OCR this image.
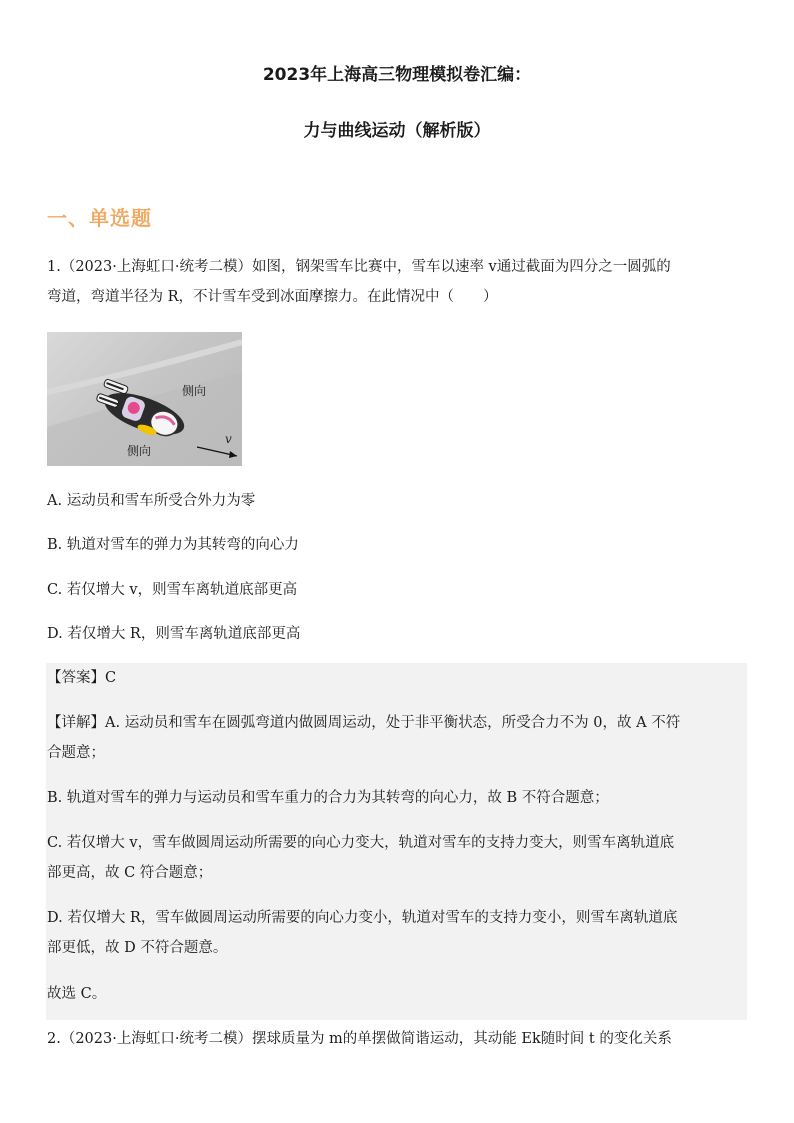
2023年上海高三物理模拟卷汇编：
力与曲线运动（解析版）
一、单选题
1.（2023·上海虹口·统考二模）如图，钢架雪车比赛中，雪车以速率 v通过截面为四分之一圆弧的
弯道，弯道半径为 R，不计雪车受到冰面摩擦力。在此情况中（　　）
侧向
侧向
v
A. 运动员和雪车所受合外力为零
B. 轨道对雪车的弹力为其转弯的向心力
C. 若仅增大 v，则雪车离轨道底部更高
D. 若仅增大 R，则雪车离轨道底部更高
【答案】C
【详解】A. 运动员和雪车在圆弧弯道内做圆周运动，处于非平衡状态，所受合力不为 0，故 A 不符
合题意；
B. 轨道对雪车的弹力与运动员和雪车重力的合力为其转弯的向心力，故 B 不符合题意；
C. 若仅增大 v，雪车做圆周运动所需要的向心力变大，轨道对雪车的支持力变大，则雪车离轨道底
部更高，故 C 符合题意；
D. 若仅增大 R，雪车做圆周运动所需要的向心力变小，轨道对雪车的支持力变小，则雪车离轨道底
部更低，故 D 不符合题意。
故选 C。
2.（2023·上海虹口·统考二模）摆球质量为 m的单摆做简谐运动，其动能 Ek随时间 t 的变化关系
